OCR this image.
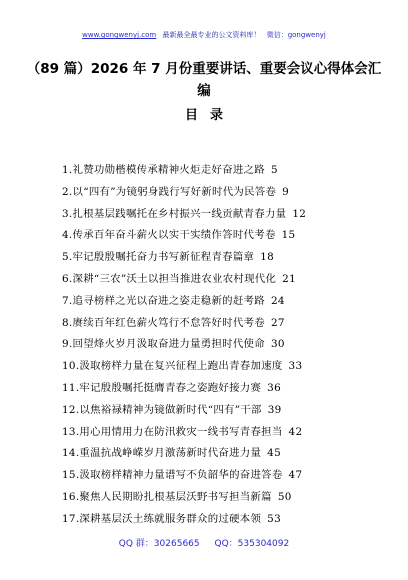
www.gongwenyj.com 最新最全最专业的公文资料库！ 微信：gongwenyj
（89 篇）2026 年 7 月份重要讲话、重要会议心得体会汇编
目录
1.礼赞功勋楷模传承精神火炬走好奋进之路 5
2.以“四有”为镜躬身践行写好新时代为民答卷 9
3.扎根基层践嘱托在乡村振兴一线贡献青春力量 12
4.传承百年奋斗薪火以实干实绩作答时代考卷 15
5.牢记殷殷嘱托奋力书写新征程青春篇章 18
6.深耕“三农”沃土以担当推进农业农村现代化 21
7.追寻榜样之光以奋进之姿走稳新的赶考路 24
8.赓续百年红色薪火笃行不怠答好时代考卷 27
9.回望烽火岁月汲取奋进力量勇担时代使命 30
10.汲取榜样力量在复兴征程上跑出青春加速度 33
11.牢记殷殷嘱托挺膺青春之姿跑好接力赛 36
12.以焦裕禄精神为镜做新时代“四有”干部 39
13.用心用情用力在防汛救灾一线书写青春担当 42
14.重温抗战峥嵘岁月激荡新时代奋进力量 45
15.汲取榜样精神力量谱写不负韶华的奋进答卷 47
16.聚焦人民期盼扎根基层沃野书写担当新篇 50
17.深耕基层沃土练就服务群众的过硬本领 53
QQ 群：30265665 QQ：535304092
